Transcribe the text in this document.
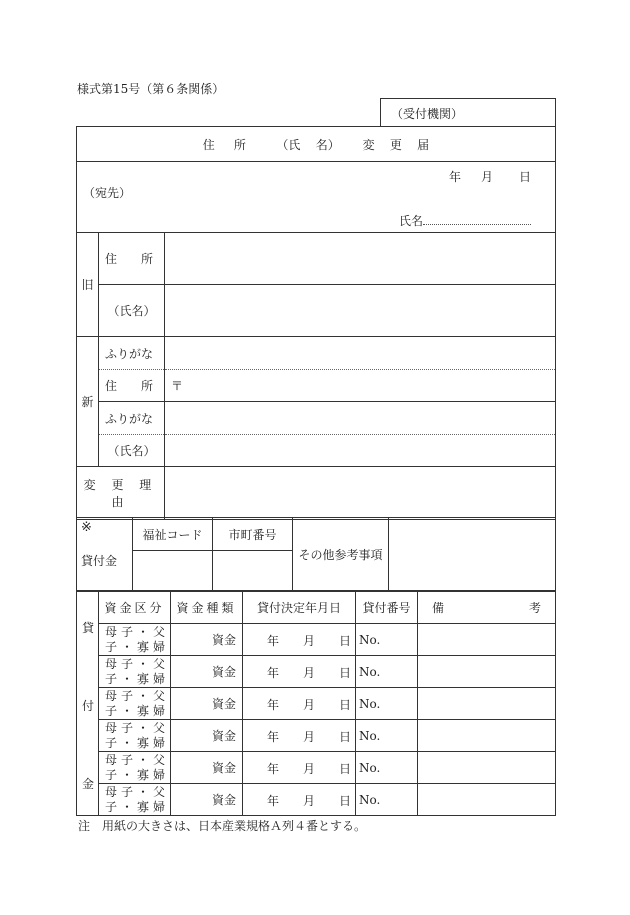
様式第15号（第６条関係）
（受付機関）
住 所 （氏 名） 変 更 届		

年 月 日
（宛先）
氏名		

旧	住　　所	
	（氏名）	
新	ふりがな	
	住　　所	〒
	ふりがな	
	（氏名）	
変 更 理 由		
※
貸付金	福祉コード	市町番号	その他参考事項	

貸
付
金	資金区分	資金種類	貸付決定年月日	貸付番号	備 考

	母子・父
子・寡婦	資金	年 月 日	No.	
	母子・父
子・寡婦	資金	年 月 日	No.	
	母子・父
子・寡婦	資金	年 月 日	No.	
	母子・父
子・寡婦	資金	年 月 日	No.	
	母子・父
子・寡婦	資金	年 月 日	No.	
	母子・父
子・寡婦	資金	年 月 日	No.	
注　用紙の大きさは、日本産業規格Ａ列４番とする。
